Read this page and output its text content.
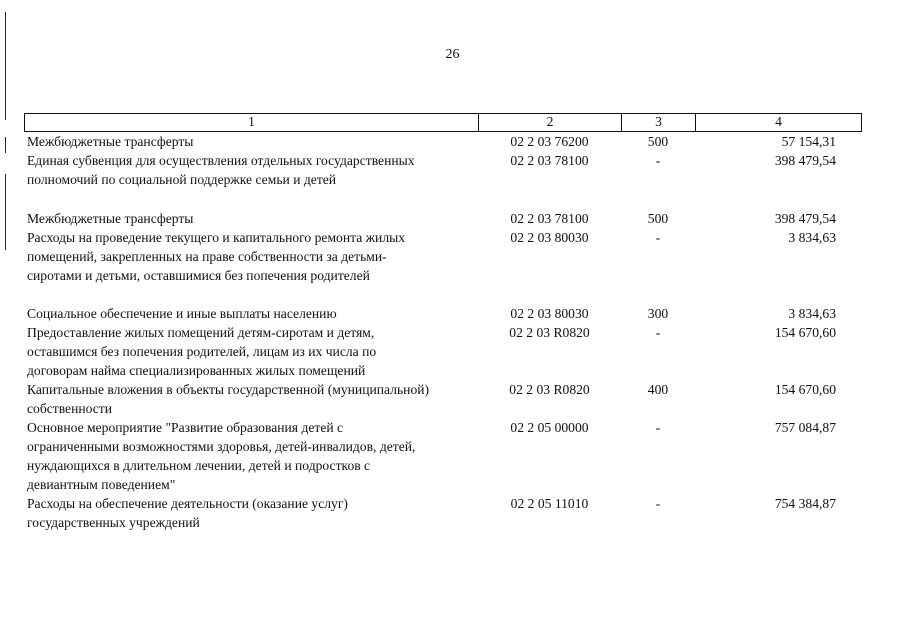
26
1	2	3	4
Межбюджетные трансферты	02 2 03 76200	500	57 154,31
Единая субвенция для осуществления отдельных государственных
полномочий по социальной поддержке семьи и детей
02 2 03 78100	-	398 479,54
Межбюджетные трансферты	02 2 03 78100	500	398 479,54
Расходы на проведение текущего и капитального ремонта жилых
помещений, закрепленных на праве собственности за детьми-
сиротами и детьми, оставшимися без попечения родителей
02 2 03 80030	-	3 834,63
Социальное обеспечение и иные выплаты населению	02 2 03 80030	300	3 834,63
Предоставление жилых помещений детям-сиротам и детям,
оставшимся без попечения родителей, лицам из их числа по
договорам найма специализированных жилых помещений
02 2 03 R0820	-	154 670,60
Капитальные вложения в объекты государственной (муниципальной)
собственности
02 2 03 R0820	400	154 670,60
Основное мероприятие "Развитие образования детей с
ограниченными возможностями здоровья, детей-инвалидов, детей,
нуждающихся в длительном лечении, детей и подростков с
девиантным поведением"
02 2 05 00000	-	757 084,87
Расходы на обеспечение деятельности (оказание услуг)
государственных учреждений
02 2 05 11010	-	754 384,87
